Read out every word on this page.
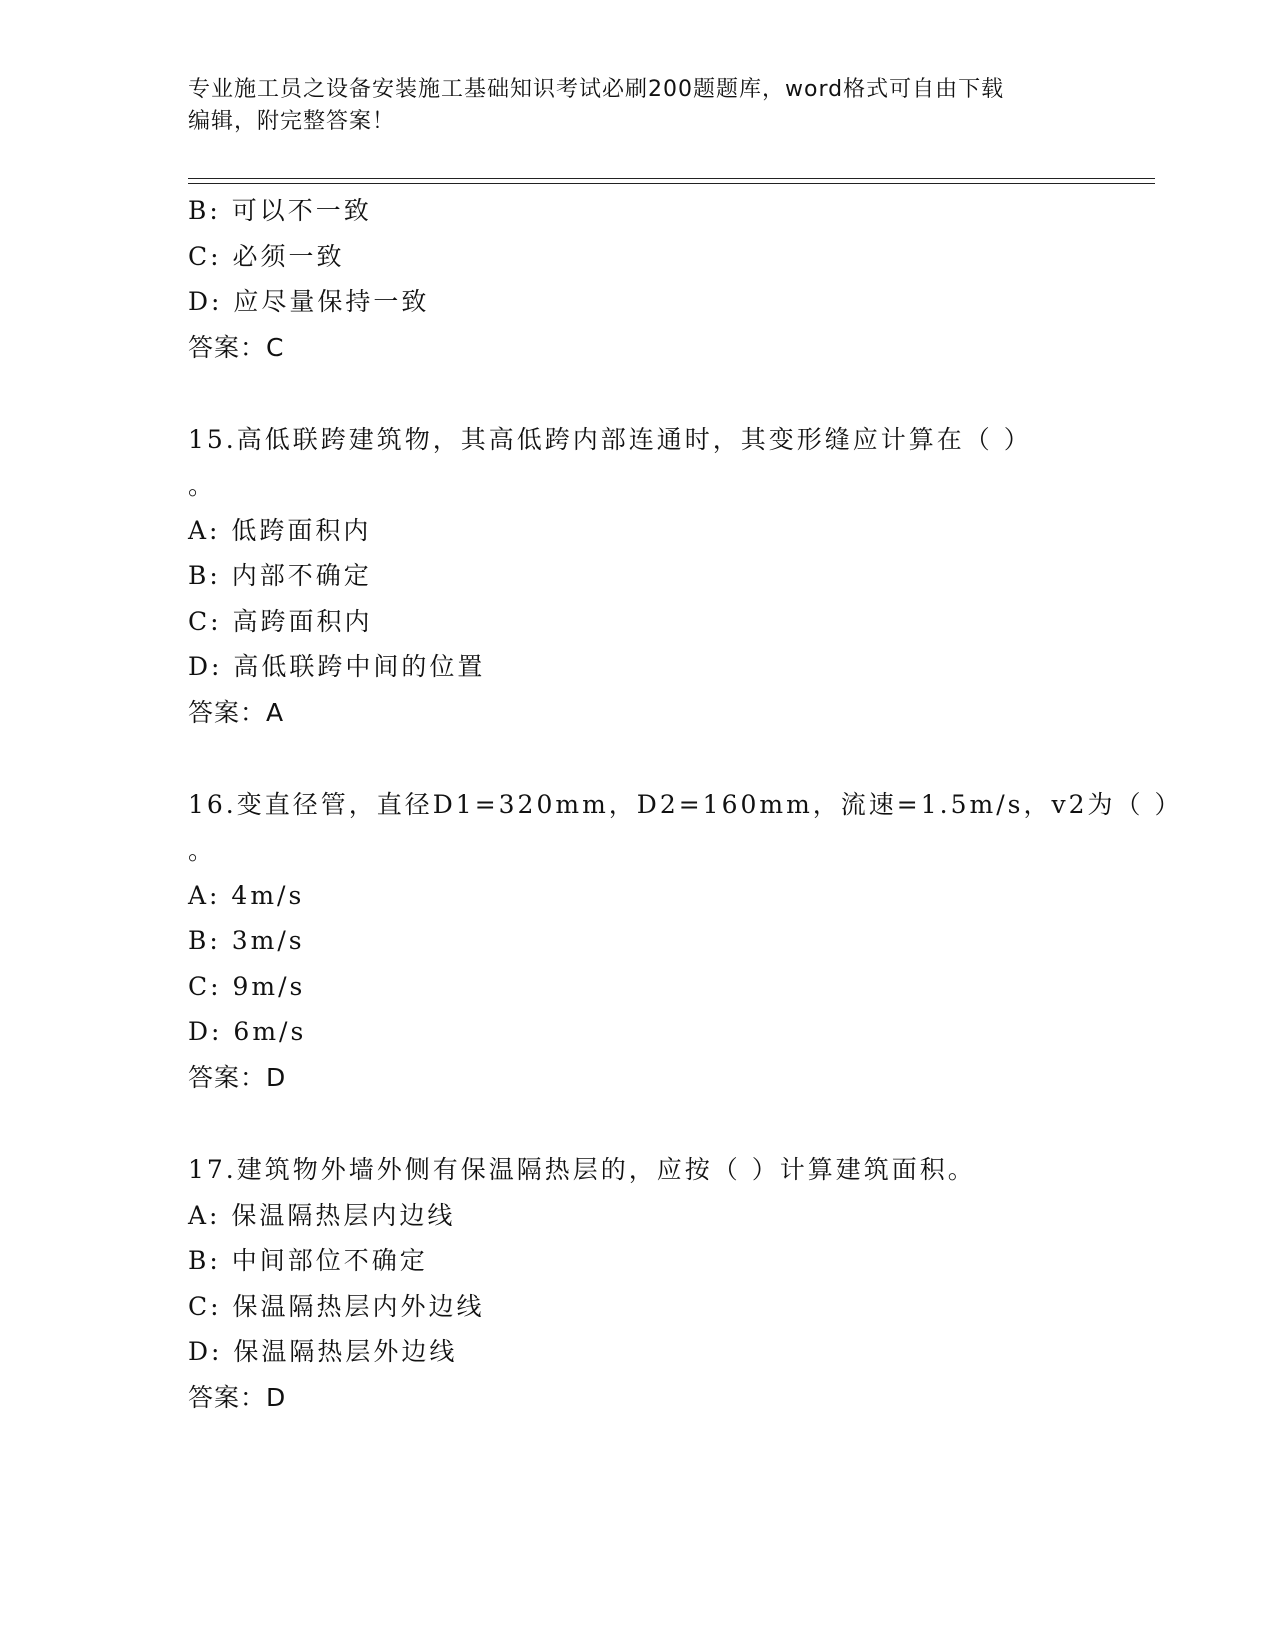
专业施工员之设备安装施工基础知识考试必刷200题题库，word格式可自由下载
编辑，附完整答案！
B: 可以不一致
C: 必须一致
D: 应尽量保持一致
答案：C
15.高低联跨建筑物，其高低跨内部连通时，其变形缝应计算在（ ）
。
A: 低跨面积内
B: 内部不确定
C: 高跨面积内
D: 高低联跨中间的位置
答案：A
16.变直径管，直径D1=320mm，D2=160mm，流速=1.5m/s，v2为（ ）
。
A: 4m/s
B: 3m/s
C: 9m/s
D: 6m/s
答案：D
17.建筑物外墙外侧有保温隔热层的，应按（ ）计算建筑面积。
A: 保温隔热层内边线
B: 中间部位不确定
C: 保温隔热层内外边线
D: 保温隔热层外边线
答案：D
